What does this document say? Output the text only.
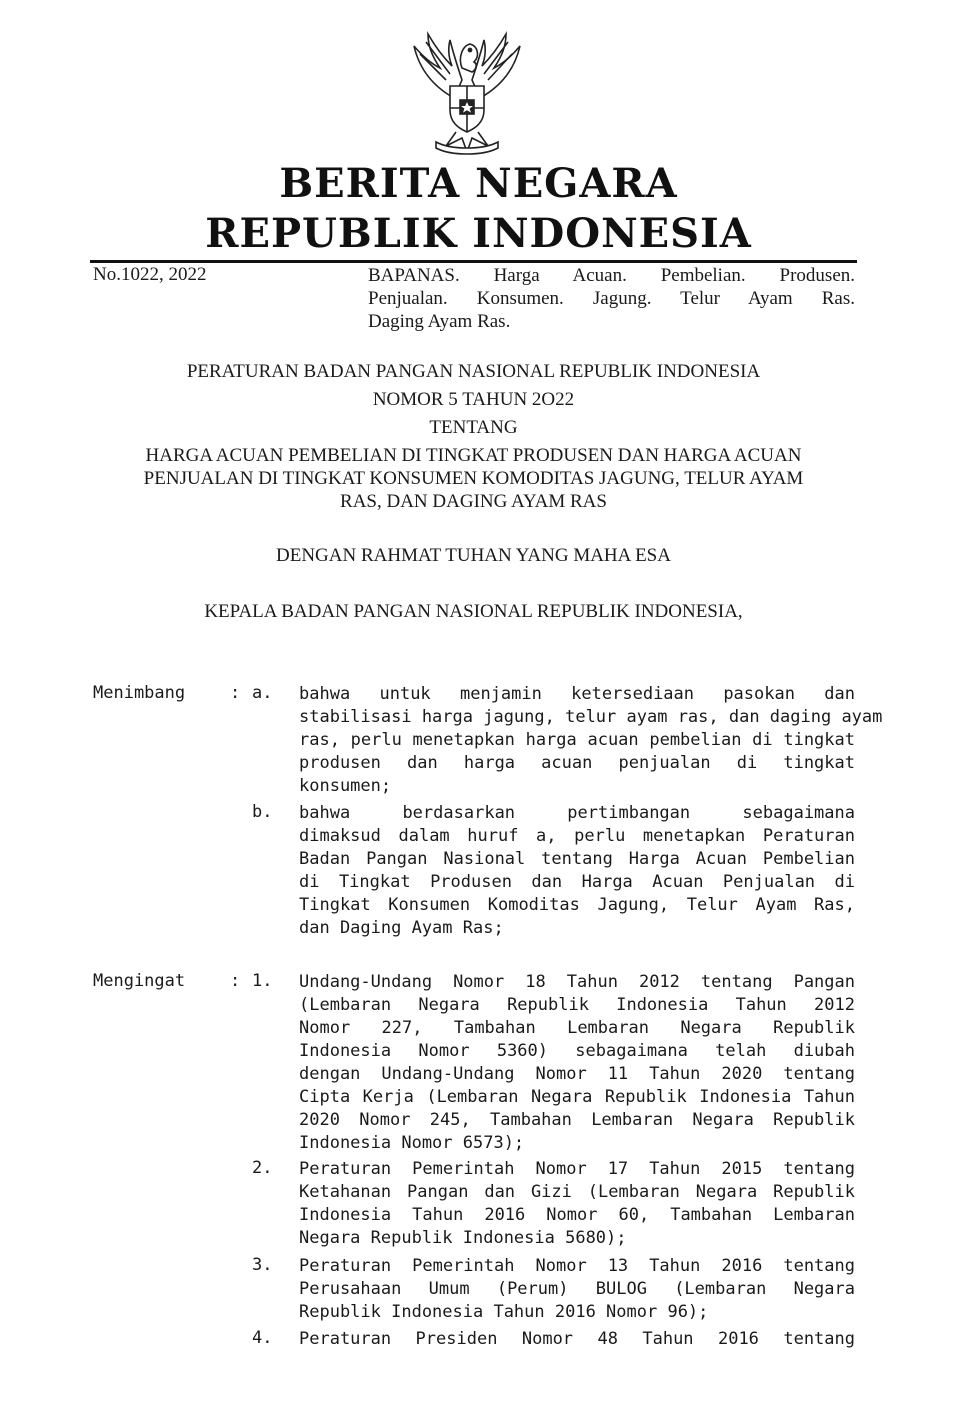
BERITA NEGARA
REPUBLIK INDONESIA
No.1022, 2022	BAPANAS. Harga Acuan. Pembelian. Produsen.
Penjualan. Konsumen. Jagung. Telur Ayam Ras.
Daging Ayam Ras.
PERATURAN BADAN PANGAN NASIONAL REPUBLIK INDONESIA
NOMOR 5 TAHUN 2O22
TENTANG
HARGA ACUAN PEMBELIAN DI TINGKAT PRODUSEN DAN HARGA ACUAN
PENJUALAN DI TINGKAT KONSUMEN KOMODITAS JAGUNG, TELUR AYAM
RAS, DAN DAGING AYAM RAS
DENGAN RAHMAT TUHAN YANG MAHA ESA
KEPALA BADAN PANGAN NASIONAL REPUBLIK INDONESIA,
Menimbang	: a. bahwa untuk menjamin ketersediaan pasokan dan
stabilisasi harga jagung, telur ayam ras, dan daging ayam
ras, perlu menetapkan harga acuan pembelian di tingkat
produsen dan harga acuan penjualan di tingkat
konsumen;
b. bahwa berdasarkan pertimbangan sebagaimana
dimaksud dalam huruf a, perlu menetapkan Peraturan
Badan Pangan Nasional tentang Harga Acuan Pembelian
di Tingkat Produsen dan Harga Acuan Penjualan di
Tingkat Konsumen Komoditas Jagung, Telur Ayam Ras,
dan Daging Ayam Ras;
Mengingat	: 1. Undang-Undang Nomor 18 Tahun 2012 tentang Pangan
(Lembaran Negara Republik Indonesia Tahun 2012
Nomor 227, Tambahan Lembaran Negara Republik
Indonesia Nomor 5360) sebagaimana telah diubah
dengan Undang-Undang Nomor 11 Tahun 2020 tentang
Cipta Kerja (Lembaran Negara Republik Indonesia Tahun
2020 Nomor 245, Tambahan Lembaran Negara Republik
Indonesia Nomor 6573);
2. Peraturan Pemerintah Nomor 17 Tahun 2015 tentang
Ketahanan Pangan dan Gizi (Lembaran Negara Republik
Indonesia Tahun 2016 Nomor 60, Tambahan Lembaran
Negara Republik Indonesia 5680);
3. Peraturan Pemerintah Nomor 13 Tahun 2016 tentang
Perusahaan Umum (Perum) BULOG (Lembaran Negara
Republik Indonesia Tahun 2016 Nomor 96);
4. Peraturan Presiden Nomor 48 Tahun 2016 tentang
